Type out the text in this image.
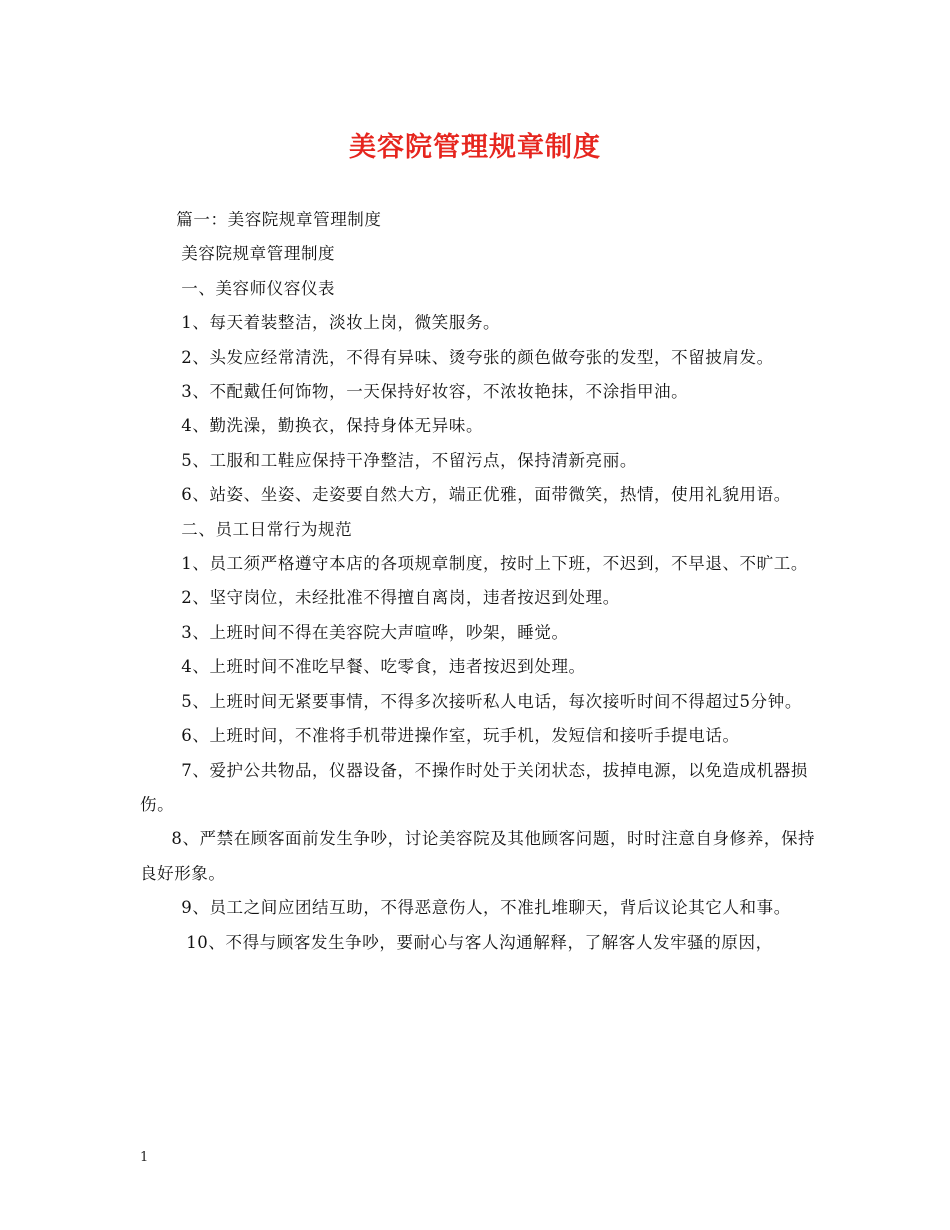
美容院管理规章制度

篇一：美容院规章管理制度

美容院规章管理制度

一、美容师仪容仪表

1、每天着装整洁，淡妆上岗，微笑服务。

2、头发应经常清洗，不得有异味、烫夸张的颜色做夸张的发型，不留披肩发。

3、不配戴任何饰物，一天保持好妆容，不浓妆艳抹，不涂指甲油。

4、勤洗澡，勤换衣，保持身体无异味。

5、工服和工鞋应保持干净整洁，不留污点，保持清新亮丽。

6、站姿、坐姿、走姿要自然大方，端正优雅，面带微笑，热情，使用礼貌用语。

二、员工日常行为规范

1、员工须严格遵守本店的各项规章制度，按时上下班，不迟到，不早退、不旷工。

2、坚守岗位，未经批准不得擅自离岗，违者按迟到处理。

3、上班时间不得在美容院大声喧哗，吵架，睡觉。

4、上班时间不准吃早餐、吃零食，违者按迟到处理。

5、上班时间无紧要事情，不得多次接听私人电话，每次接听时间不得超过5分钟。

6、上班时间，不准将手机带进操作室，玩手机，发短信和接听手提电话。

7、爱护公共物品，仪器设备，不操作时处于关闭状态，拔掉电源，以免造成机器损伤。

8、严禁在顾客面前发生争吵，讨论美容院及其他顾客问题，时时注意自身修养，保持良好形象。

9、员工之间应团结互助，不得恶意伤人，不准扎堆聊天，背后议论其它人和事。

10、不得与顾客发生争吵，要耐心与客人沟通解释，了解客人发牢骚的原因，

1
